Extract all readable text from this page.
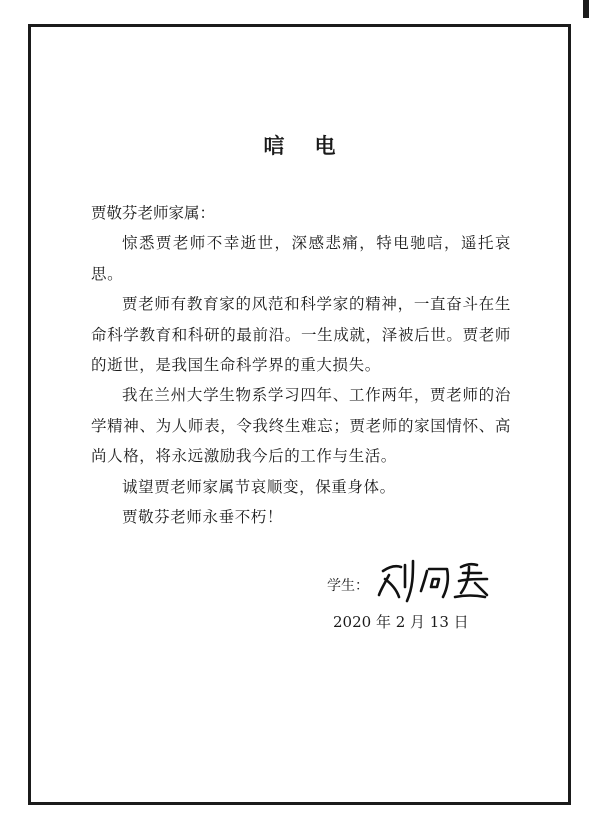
唁 电

贾敬芬老师家属：

惊悉贾老师不幸逝世，深感悲痛，特电驰唁，遥托哀思。

贾老师有教育家的风范和科学家的精神，一直奋斗在生命科学教育和科研的最前沿。一生成就，泽被后世。贾老师的逝世，是我国生命科学界的重大损失。

我在兰州大学生物系学习四年、工作两年，贾老师的治学精神、为人师表，令我终生难忘；贾老师的家国情怀、高尚人格，将永远激励我今后的工作与生活。

诚望贾老师家属节哀顺变，保重身体。

贾敬芬老师永垂不朽！

学生：
2020 年 2 月 13 日
